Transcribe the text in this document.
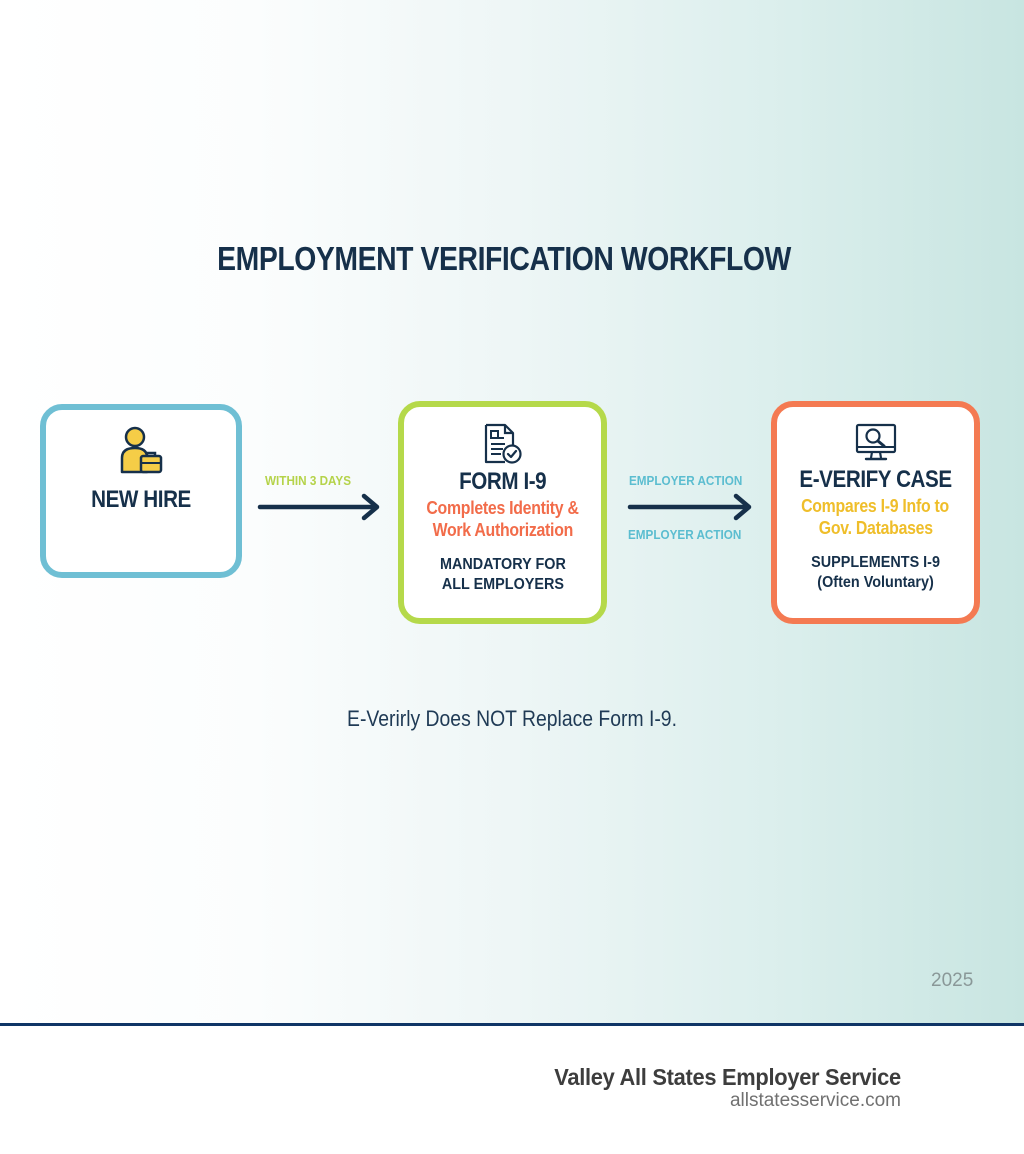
EMPLOYMENT VERIFICATION WORKFLOW
NEW HIRE
WITHIN 3 DAYS	FORM I-9
Completes Identity &
Work Authorization
MANDATORY FOR
ALL EMPLOYERS
EMPLOYER ACTION
EMPLOYER ACTION
E-VERIFY CASE
Compares I-9 Info to
Gov. Databases
SUPPLEMENTS I-9
(Often Voluntary)
E-Verirly Does NOT Replace Form I-9.
2025
Valley All States Employer Service
allstatesservice.com
